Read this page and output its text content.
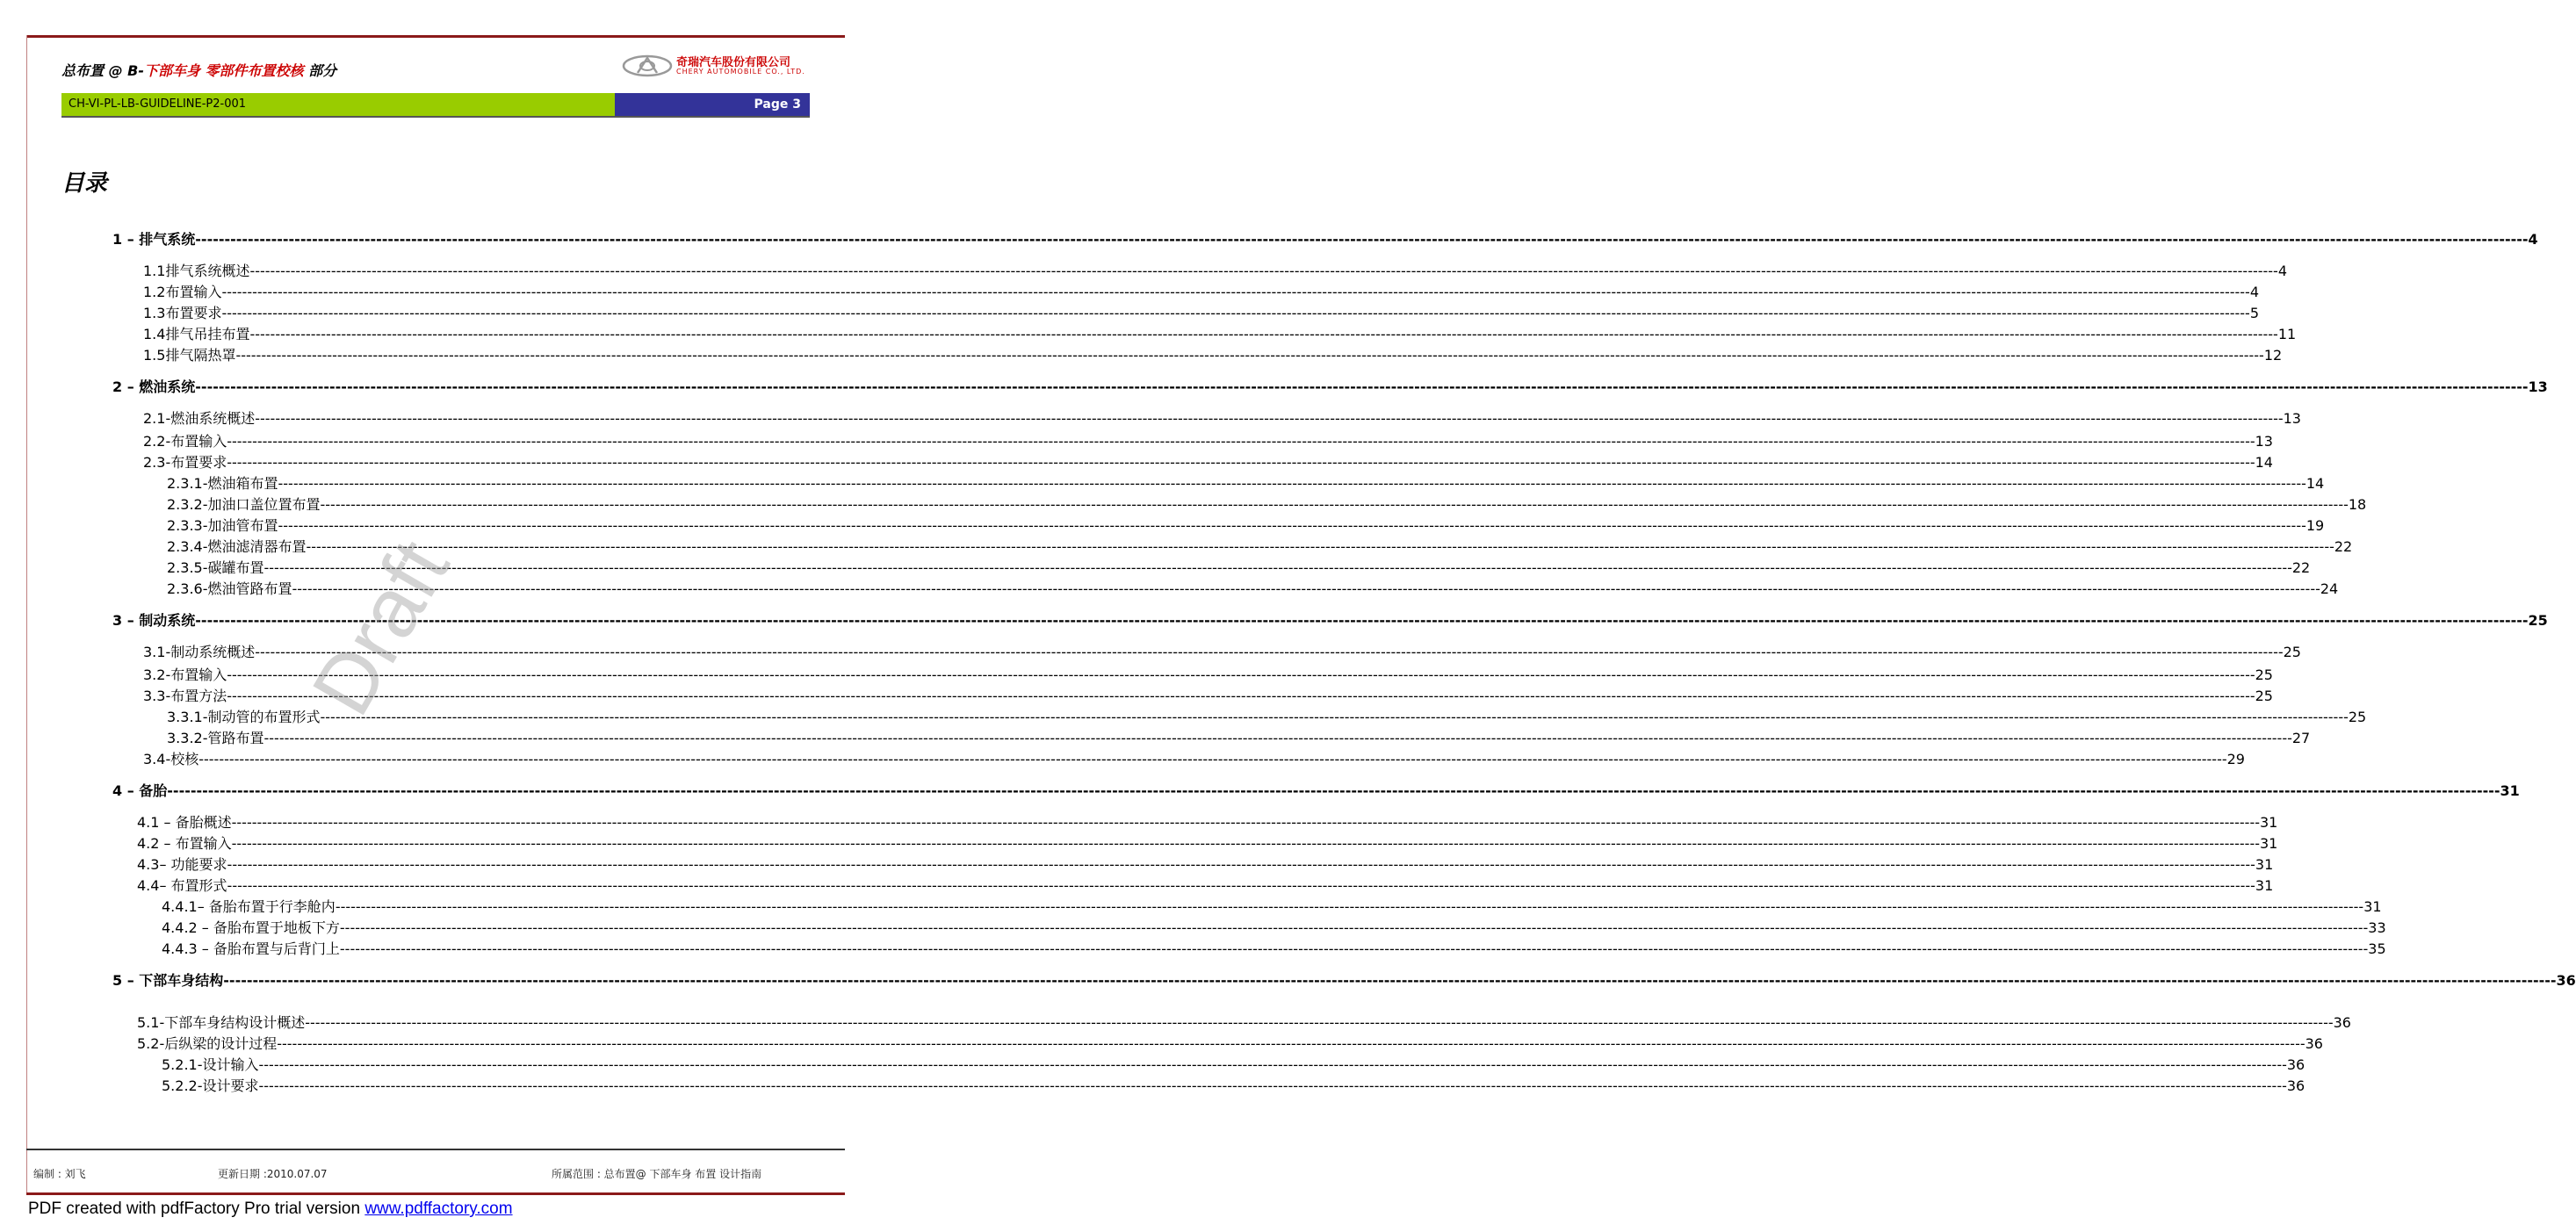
总布置 @ B-下部车身 零部件布置校核 部分	奇瑞汽车股份有限公司
CHERY AUTOMOBILE CO., LTD.
CH-VI-PL-LB-GUIDELINE-P2-001	Page 3
目录
1 – 排气系统 ---------------------------------------------------------------------------------------------------------------------------------------------------------------------------------------------------------------------------------------------------------------------------------------------------------------------------------------------------------------------------------------------------------------- 4
1.1排气系统概述 ---------------------------------------------------------------------------------------------------------------------------------------------------------------------------------------------------------------------------------------------------------------------------------------------------------------------------------------------------------------------------------------------------------------- 4
1.2布置输入 ---------------------------------------------------------------------------------------------------------------------------------------------------------------------------------------------------------------------------------------------------------------------------------------------------------------------------------------------------------------------------------------------------------------- 4
1.3布置要求 ---------------------------------------------------------------------------------------------------------------------------------------------------------------------------------------------------------------------------------------------------------------------------------------------------------------------------------------------------------------------------------------------------------------- 5
1.4排气吊挂布置 ---------------------------------------------------------------------------------------------------------------------------------------------------------------------------------------------------------------------------------------------------------------------------------------------------------------------------------------------------------------------------------------------------------------- 11
1.5排气隔热罩 ---------------------------------------------------------------------------------------------------------------------------------------------------------------------------------------------------------------------------------------------------------------------------------------------------------------------------------------------------------------------------------------------------------------- 12
2 – 燃油系统 ---------------------------------------------------------------------------------------------------------------------------------------------------------------------------------------------------------------------------------------------------------------------------------------------------------------------------------------------------------------------------------------------------------------- 13
2.1-燃油系统概述 ---------------------------------------------------------------------------------------------------------------------------------------------------------------------------------------------------------------------------------------------------------------------------------------------------------------------------------------------------------------------------------------------------------------- 13
2.2-布置输入 ---------------------------------------------------------------------------------------------------------------------------------------------------------------------------------------------------------------------------------------------------------------------------------------------------------------------------------------------------------------------------------------------------------------- 13
2.3-布置要求 ---------------------------------------------------------------------------------------------------------------------------------------------------------------------------------------------------------------------------------------------------------------------------------------------------------------------------------------------------------------------------------------------------------------- 14
2.3.1-燃油箱布置 ---------------------------------------------------------------------------------------------------------------------------------------------------------------------------------------------------------------------------------------------------------------------------------------------------------------------------------------------------------------------------------------------------------------- 14
2.3.2-加油口盖位置布置 ---------------------------------------------------------------------------------------------------------------------------------------------------------------------------------------------------------------------------------------------------------------------------------------------------------------------------------------------------------------------------------------------------------------- 18
2.3.3-加油管布置 ---------------------------------------------------------------------------------------------------------------------------------------------------------------------------------------------------------------------------------------------------------------------------------------------------------------------------------------------------------------------------------------------------------------- 19
2.3.4-燃油滤清器布置 ---------------------------------------------------------------------------------------------------------------------------------------------------------------------------------------------------------------------------------------------------------------------------------------------------------------------------------------------------------------------------------------------------------------- 22
2.3.5-碳罐布置 ---------------------------------------------------------------------------------------------------------------------------------------------------------------------------------------------------------------------------------------------------------------------------------------------------------------------------------------------------------------------------------------------------------------- 22
2.3.6-燃油管路布置 ---------------------------------------------------------------------------------------------------------------------------------------------------------------------------------------------------------------------------------------------------------------------------------------------------------------------------------------------------------------------------------------------------------------- 24
3 – 制动系统 ---------------------------------------------------------------------------------------------------------------------------------------------------------------------------------------------------------------------------------------------------------------------------------------------------------------------------------------------------------------------------------------------------------------- 25
3.1-制动系统概述 ---------------------------------------------------------------------------------------------------------------------------------------------------------------------------------------------------------------------------------------------------------------------------------------------------------------------------------------------------------------------------------------------------------------- 25
3.2-布置输入 ---------------------------------------------------------------------------------------------------------------------------------------------------------------------------------------------------------------------------------------------------------------------------------------------------------------------------------------------------------------------------------------------------------------- 25
3.3-布置方法 ---------------------------------------------------------------------------------------------------------------------------------------------------------------------------------------------------------------------------------------------------------------------------------------------------------------------------------------------------------------------------------------------------------------- 25
3.3.1-制动管的布置形式 ---------------------------------------------------------------------------------------------------------------------------------------------------------------------------------------------------------------------------------------------------------------------------------------------------------------------------------------------------------------------------------------------------------------- 25
3.3.2-管路布置 ---------------------------------------------------------------------------------------------------------------------------------------------------------------------------------------------------------------------------------------------------------------------------------------------------------------------------------------------------------------------------------------------------------------- 27
3.4-校核 ---------------------------------------------------------------------------------------------------------------------------------------------------------------------------------------------------------------------------------------------------------------------------------------------------------------------------------------------------------------------------------------------------------------- 29
4 – 备胎 ---------------------------------------------------------------------------------------------------------------------------------------------------------------------------------------------------------------------------------------------------------------------------------------------------------------------------------------------------------------------------------------------------------------- 31
4.1 – 备胎概述 ---------------------------------------------------------------------------------------------------------------------------------------------------------------------------------------------------------------------------------------------------------------------------------------------------------------------------------------------------------------------------------------------------------------- 31
4.2 – 布置输入 ---------------------------------------------------------------------------------------------------------------------------------------------------------------------------------------------------------------------------------------------------------------------------------------------------------------------------------------------------------------------------------------------------------------- 31
4.3– 功能要求 ---------------------------------------------------------------------------------------------------------------------------------------------------------------------------------------------------------------------------------------------------------------------------------------------------------------------------------------------------------------------------------------------------------------- 31
4.4– 布置形式 ---------------------------------------------------------------------------------------------------------------------------------------------------------------------------------------------------------------------------------------------------------------------------------------------------------------------------------------------------------------------------------------------------------------- 31
4.4.1– 备胎布置于行李舱内 ---------------------------------------------------------------------------------------------------------------------------------------------------------------------------------------------------------------------------------------------------------------------------------------------------------------------------------------------------------------------------------------------------------------- 31
4.4.2 – 备胎布置于地板下方 ---------------------------------------------------------------------------------------------------------------------------------------------------------------------------------------------------------------------------------------------------------------------------------------------------------------------------------------------------------------------------------------------------------------- 33
4.4.3 – 备胎布置与后背门上 ---------------------------------------------------------------------------------------------------------------------------------------------------------------------------------------------------------------------------------------------------------------------------------------------------------------------------------------------------------------------------------------------------------------- 35
5 – 下部车身结构 ---------------------------------------------------------------------------------------------------------------------------------------------------------------------------------------------------------------------------------------------------------------------------------------------------------------------------------------------------------------------------------------------------------------- 36
5.1-下部车身结构设计概述 ---------------------------------------------------------------------------------------------------------------------------------------------------------------------------------------------------------------------------------------------------------------------------------------------------------------------------------------------------------------------------------------------------------------- 36
5.2-后纵梁的设计过程 ---------------------------------------------------------------------------------------------------------------------------------------------------------------------------------------------------------------------------------------------------------------------------------------------------------------------------------------------------------------------------------------------------------------- 36
5.2.1-设计输入 ---------------------------------------------------------------------------------------------------------------------------------------------------------------------------------------------------------------------------------------------------------------------------------------------------------------------------------------------------------------------------------------------------------------- 36
5.2.2-设计要求 ---------------------------------------------------------------------------------------------------------------------------------------------------------------------------------------------------------------------------------------------------------------------------------------------------------------------------------------------------------------------------------------------------------------- 36
Draft
编制 : 刘飞	更新日期 :2010.07.07	所属范围 : 总布置@ 下部车身 布置 设计指南
PDF created with pdfFactory Pro trial version www.pdffactory.com
